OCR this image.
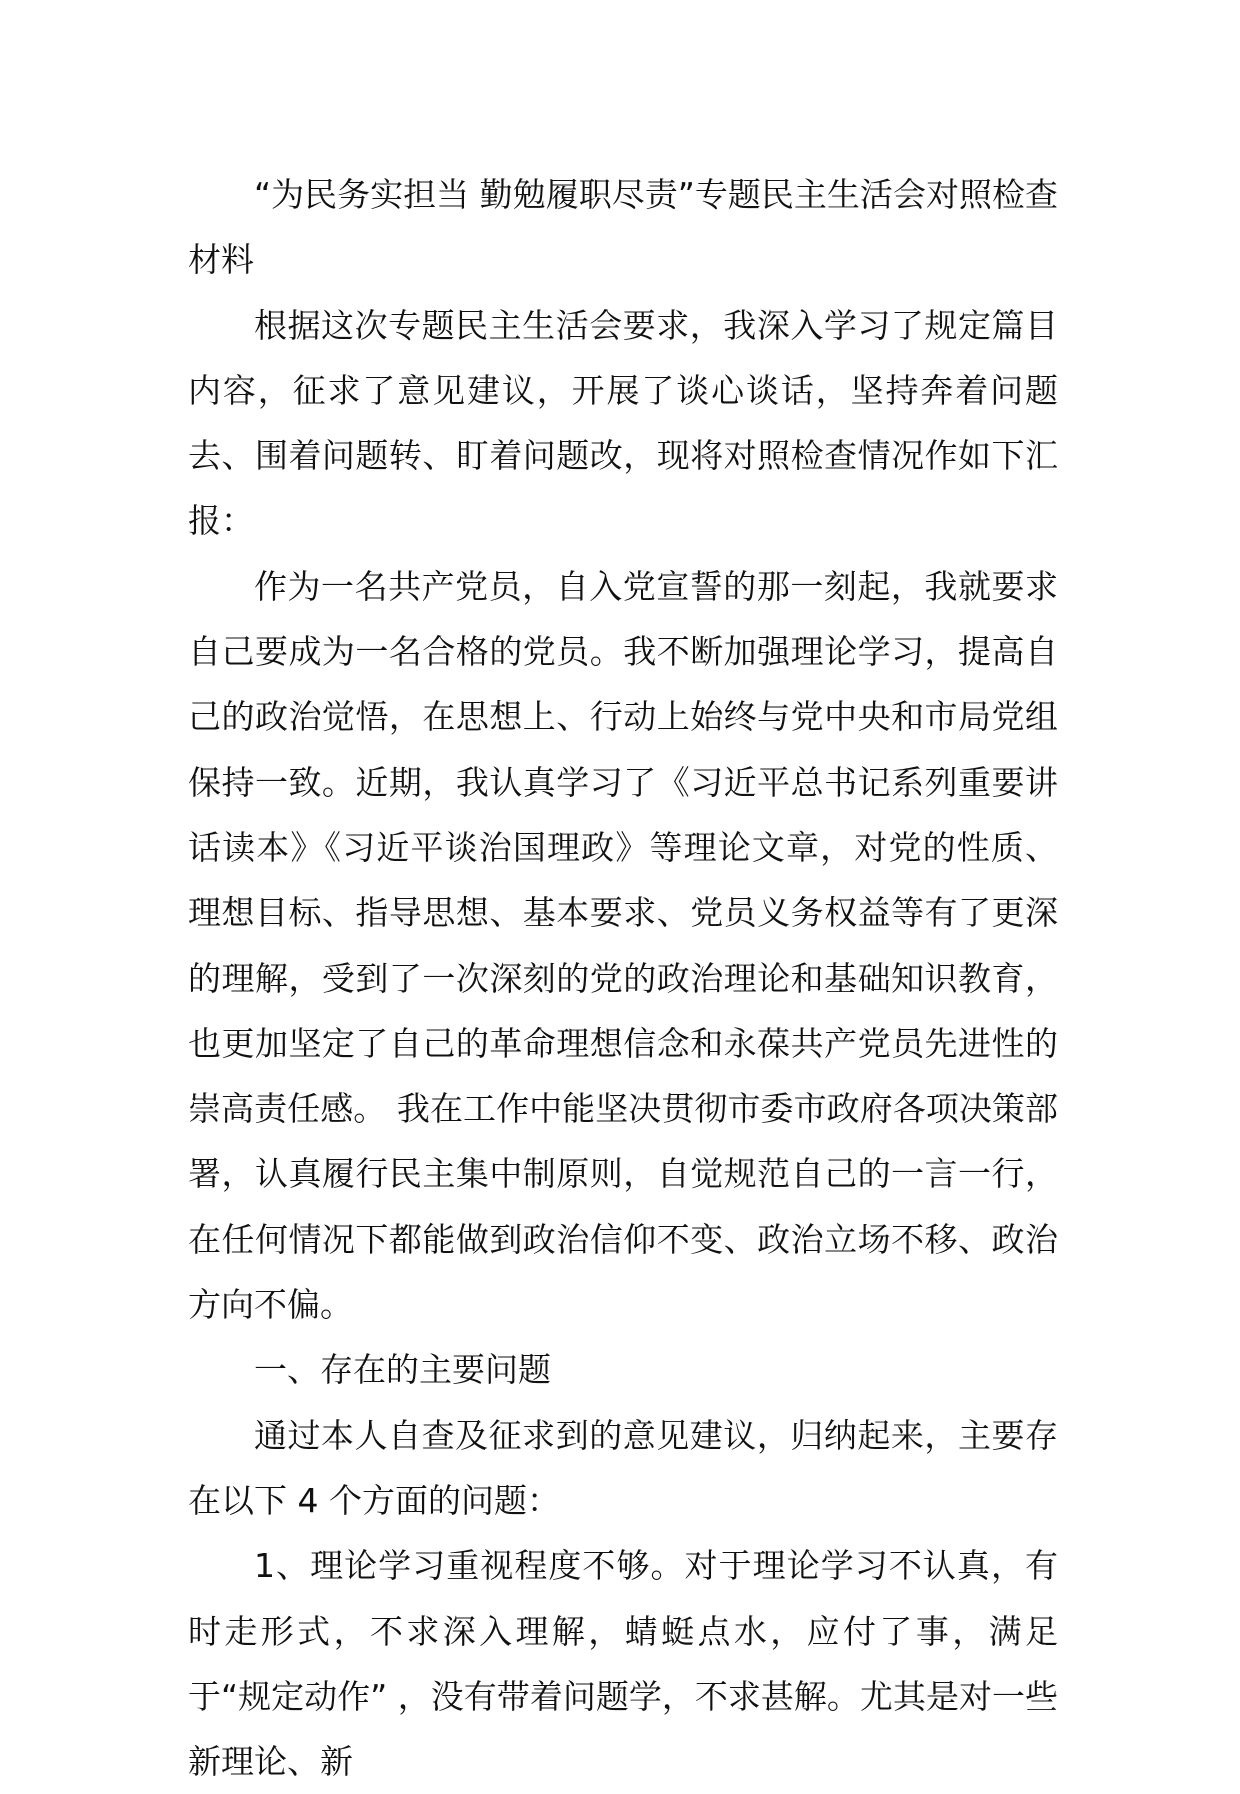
“为民务实担当 勤勉履职尽责”专题民主生活会对照检查材料

根据这次专题民主生活会要求，我深入学习了规定篇目内容，征求了意见建议，开展了谈心谈话，坚持奔着问题去、围着问题转、盯着问题改，现将对照检查情况作如下汇报：

作为一名共产党员，自入党宣誓的那一刻起，我就要求自己要成为一名合格的党员。我不断加强理论学习，提高自己的政治觉悟，在思想上、行动上始终与党中央和市局党组保持一致。近期，我认真学习了《习近平总书记系列重要讲话读本》《习近平谈治国理政》等理论文章，对党的性质、理想目标、指导思想、基本要求、党员义务权益等有了更深的理解，受到了一次深刻的党的政治理论和基础知识教育，也更加坚定了自己的革命理想信念和永葆共产党员先进性的崇高责任感。 我在工作中能坚决贯彻市委市政府各项决策部署，认真履行民主集中制原则，自觉规范自己的一言一行，在任何情况下都能做到政治信仰不变、政治立场不移、政治方向不偏。

一、存在的主要问题

通过本人自查及征求到的意见建议，归纳起来，主要存在以下 4 个方面的问题：

1、理论学习重视程度不够。对于理论学习不认真，有时走形式，不求深入理解，蜻蜓点水，应付了事，满足于“规定动作” ，没有带着问题学，不求甚解。尤其是对一些新理论、新
